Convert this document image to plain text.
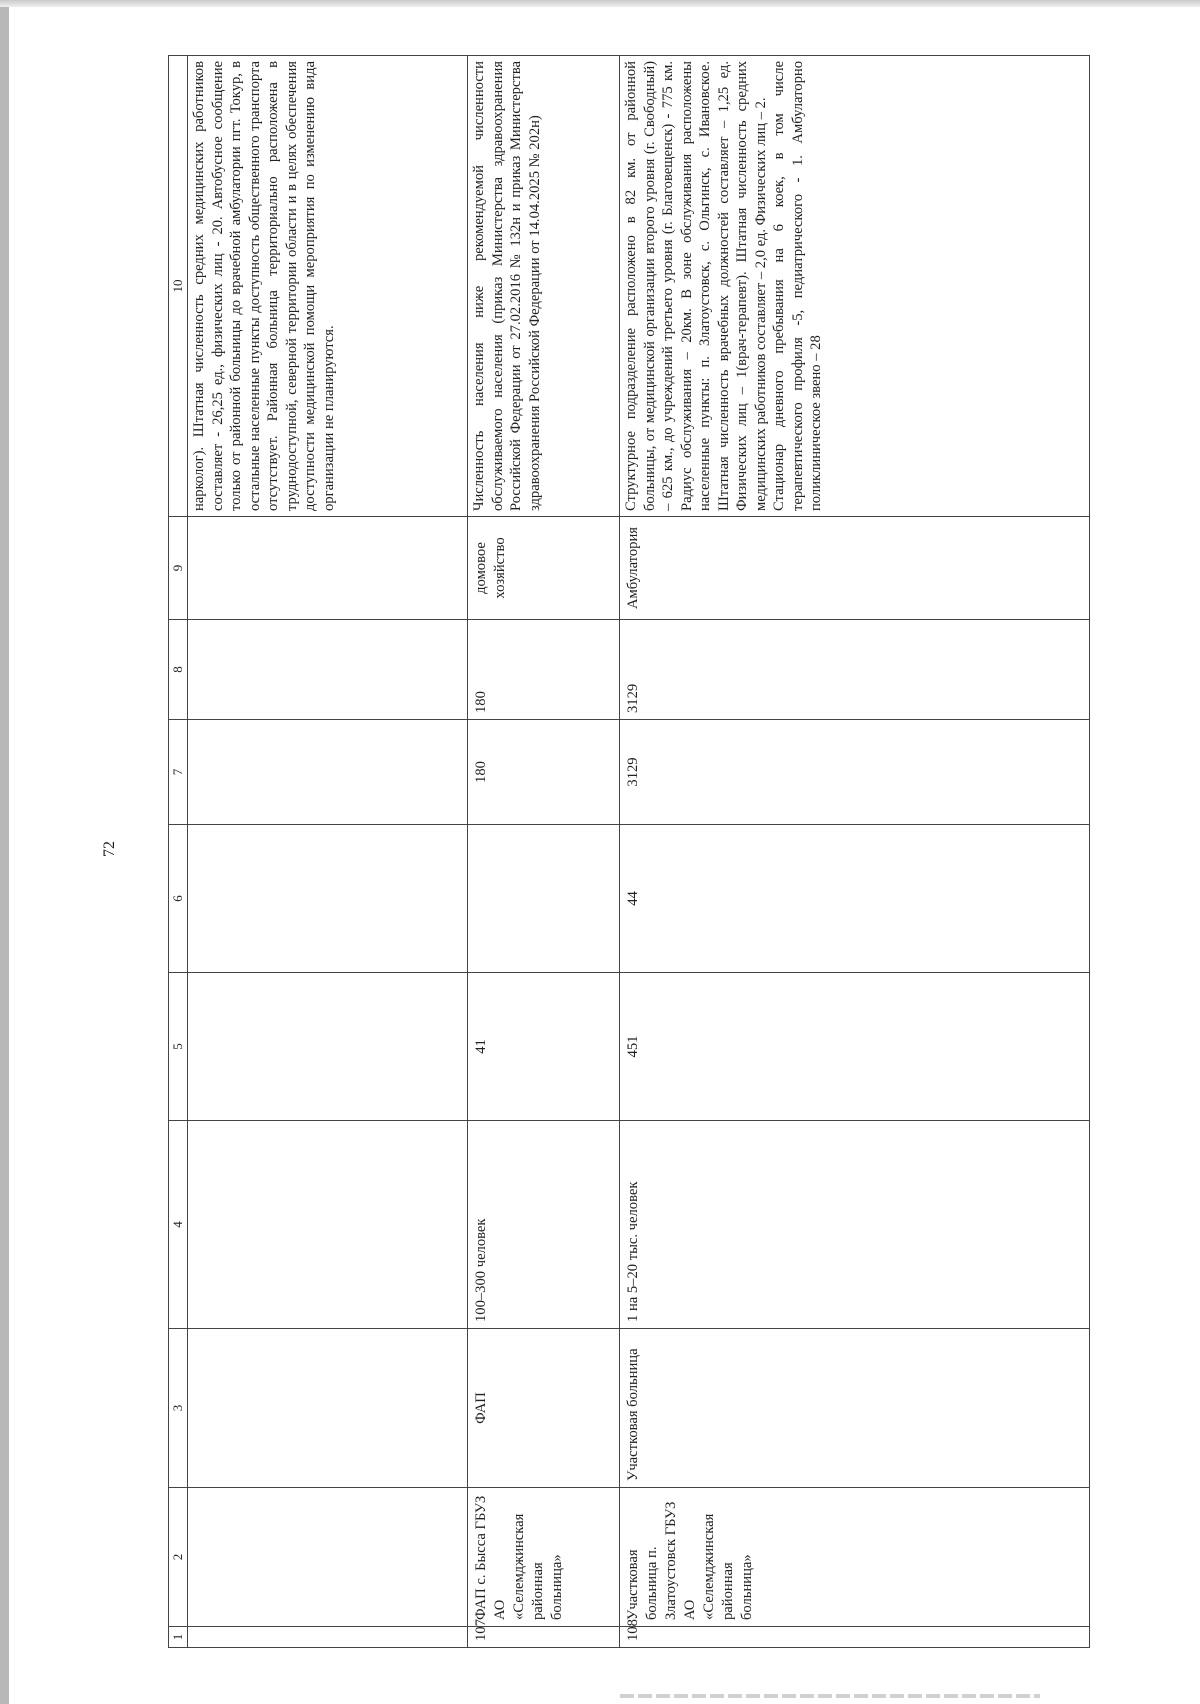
72
1	2	3	4	5	6	7	8	9	10
									нарколог). Штатная численность средних медицинских работников составляет - 26,25 ед., физических лиц - 20. Автобусное сообщение только от районной больницы до врачебной амбулатории пгт. Токур, в остальные населенные пункты доступность общественного транспорта отсутствует. Районная больница территориально расположена в труднодоступной, северной территории области и в целях обеспечения доступности медицинской помощи мероприятия по изменению вида организации не планируются.
107	ФАП с. Бысса ГБУЗ АО «Селемджинская районная больница»	ФАП	100–300 человек	41		180	180	домовое хозяйство	Численность населения ниже рекомендуемой численности обслуживаемого населения (приказ Министерства здравоохранения Российской Федерации от 27.02.2016 № 132н и приказ Министерства здравоохранения Российской Федерации от 14.04.2025 № 202н)
108	Участковая больница п. Златоустовск ГБУЗ АО «Селемджинская районная больница»	Участковая больница	1 на 5–20 тыс. человек	451	44	3129	3129	Амбулатория	Структурное подразделение расположено в 82 км. от районной больницы, от медицинской организации второго уровня (г. Свободный) – 625 км., до учреждений третьего уровня (г. Благовещенск) - 775 км. Радиус обслуживания – 20км. В зоне обслуживания расположены населенные пункты: п. Златоустовск, с. Ольгинск, с. Ивановское. Штатная численность врачебных должностей составляет – 1,25 ед. Физических лиц – 1(врач-терапевт). Штатная численность средних медицинских работников составляет – 2,0 ед. Физических лиц – 2. Стационар дневного пребывания на 6 коек, в том числе терапевтического профиля -5, педиатрического - 1. Амбулаторно поликлиническое звено – 28
